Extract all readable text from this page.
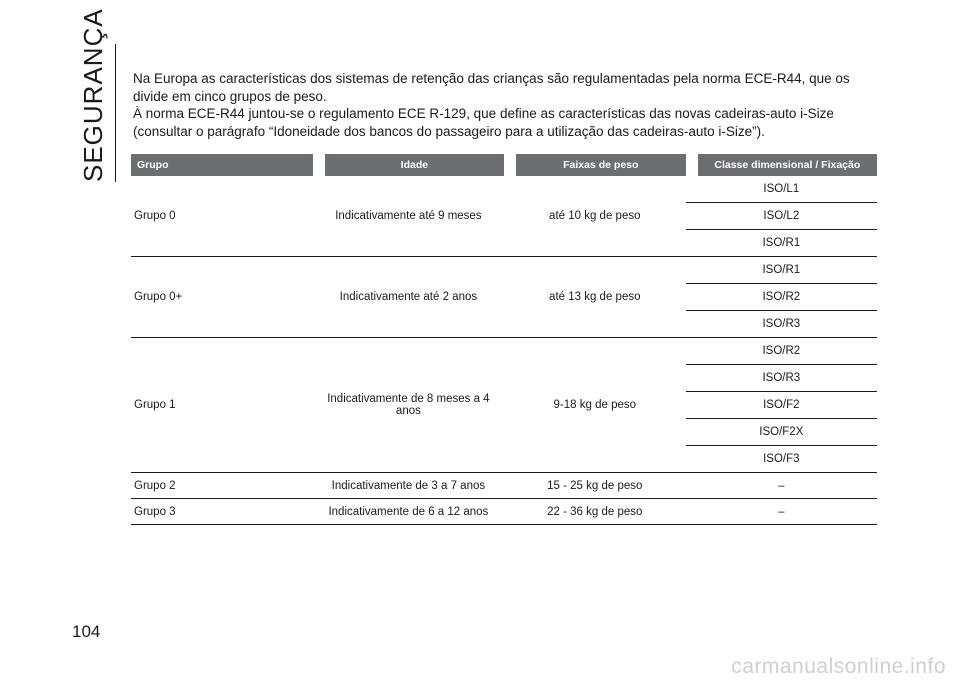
SEGURANÇA Na Europa as características dos sistemas de retenção das crianças são regulamentadas pela norma ECE-R44, que os divide em cinco grupos de peso.

À norma ECE-R44 juntou-se o regulamento ECE R-129, que define as características das novas cadeiras-auto i-Size (consultar o parágrafo “Idoneidade dos bancos do passageiro para a utilização das cadeiras-auto i-Size”).

Grupo	Idade	Faixas de peso	Classe dimensional / Fixação
Grupo 0	Indicativamente até 9 meses	até 10 kg de peso	ISO/L1
			ISO/L2
			ISO/R1
Grupo 0+	Indicativamente até 2 anos	até 13 kg de peso	ISO/R1
			ISO/R2
			ISO/R3
Grupo 1	Indicativamente de 8 meses a 4 anos	9-18 kg de peso	ISO/R2
			ISO/R3
			ISO/F2
			ISO/F2X
			ISO/F3
Grupo 2	Indicativamente de 3 a 7 anos	15 - 25 kg de peso	–
Grupo 3	Indicativamente de 6 a 12 anos	22 - 36 kg de peso	–
104
carmanualsonline.info
